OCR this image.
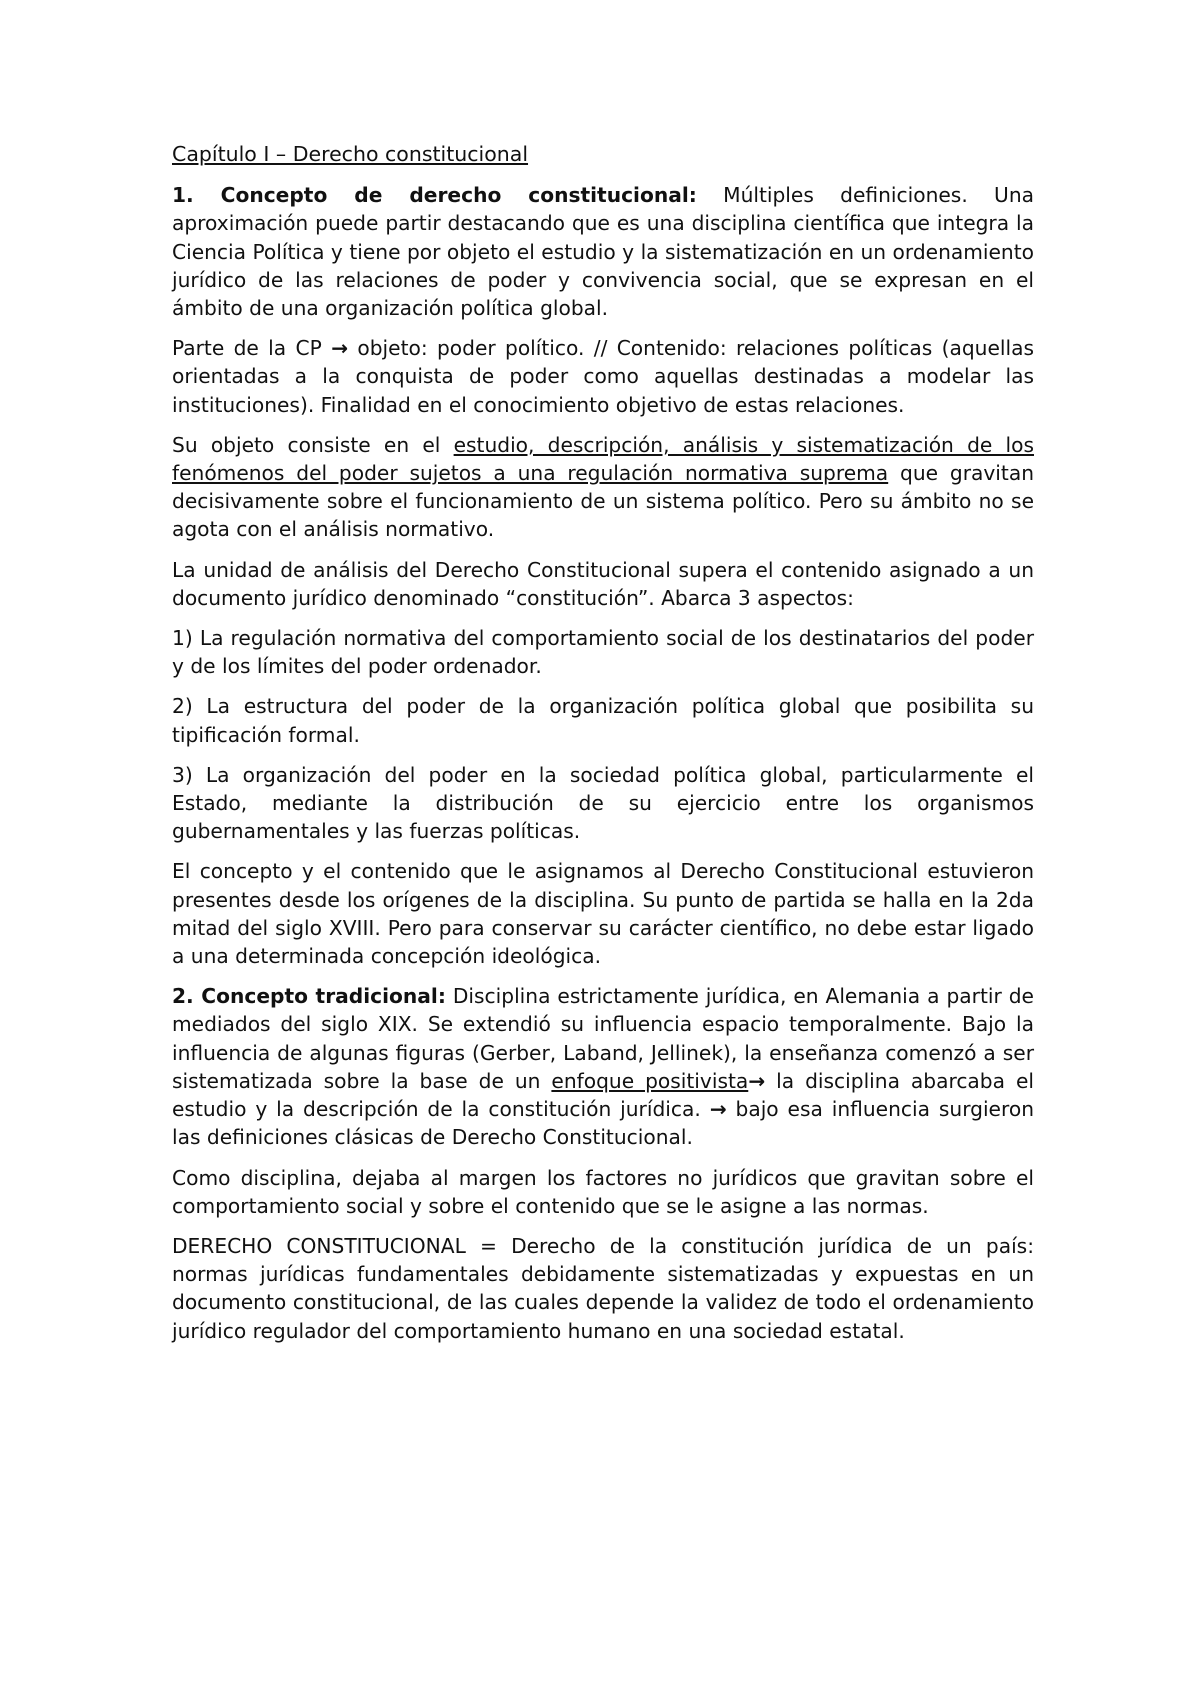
Capítulo I – Derecho constitucional

1. Concepto de derecho constitucional: Múltiples definiciones. Una aproximación puede partir destacando que es una disciplina científica que integra la Ciencia Política y tiene por objeto el estudio y la sistematización en un ordenamiento jurídico de las relaciones de poder y convivencia social, que se expresan en el ámbito de una organización política global.

Parte de la CP → objeto: poder político. // Contenido: relaciones políticas (aquellas orientadas a la conquista de poder como aquellas destinadas a modelar las instituciones). Finalidad en el conocimiento objetivo de estas relaciones.

Su objeto consiste en el estudio, descripción, análisis y sistematización de los fenómenos del poder sujetos a una regulación normativa suprema que gravitan decisivamente sobre el funcionamiento de un sistema político. Pero su ámbito no se agota con el análisis normativo.

La unidad de análisis del Derecho Constitucional supera el contenido asignado a un documento jurídico denominado “constitución”. Abarca 3 aspectos:

1) La regulación normativa del comportamiento social de los destinatarios del poder y de los límites del poder ordenador.

2) La estructura del poder de la organización política global que posibilita su tipificación formal.

3) La organización del poder en la sociedad política global, particularmente el Estado, mediante la distribución de su ejercicio entre los organismos gubernamentales y las fuerzas políticas.

El concepto y el contenido que le asignamos al Derecho Constitucional estuvieron presentes desde los orígenes de la disciplina. Su punto de partida se halla en la 2da mitad del siglo XVIII. Pero para conservar su carácter científico, no debe estar ligado a una determinada concepción ideológica.

2. Concepto tradicional: Disciplina estrictamente jurídica, en Alemania a partir de mediados del siglo XIX. Se extendió su influencia espacio temporalmente. Bajo la influencia de algunas figuras (Gerber, Laband, Jellinek), la enseñanza comenzó a ser sistematizada sobre la base de un enfoque positivista→ la disciplina abarcaba el estudio y la descripción de la constitución jurídica. → bajo esa influencia surgieron las definiciones clásicas de Derecho Constitucional.

Como disciplina, dejaba al margen los factores no jurídicos que gravitan sobre el comportamiento social y sobre el contenido que se le asigne a las normas.

DERECHO CONSTITUCIONAL = Derecho de la constitución jurídica de un país: normas jurídicas fundamentales debidamente sistematizadas y expuestas en un documento constitucional, de las cuales depende la validez de todo el ordenamiento jurídico regulador del comportamiento humano en una sociedad estatal.
